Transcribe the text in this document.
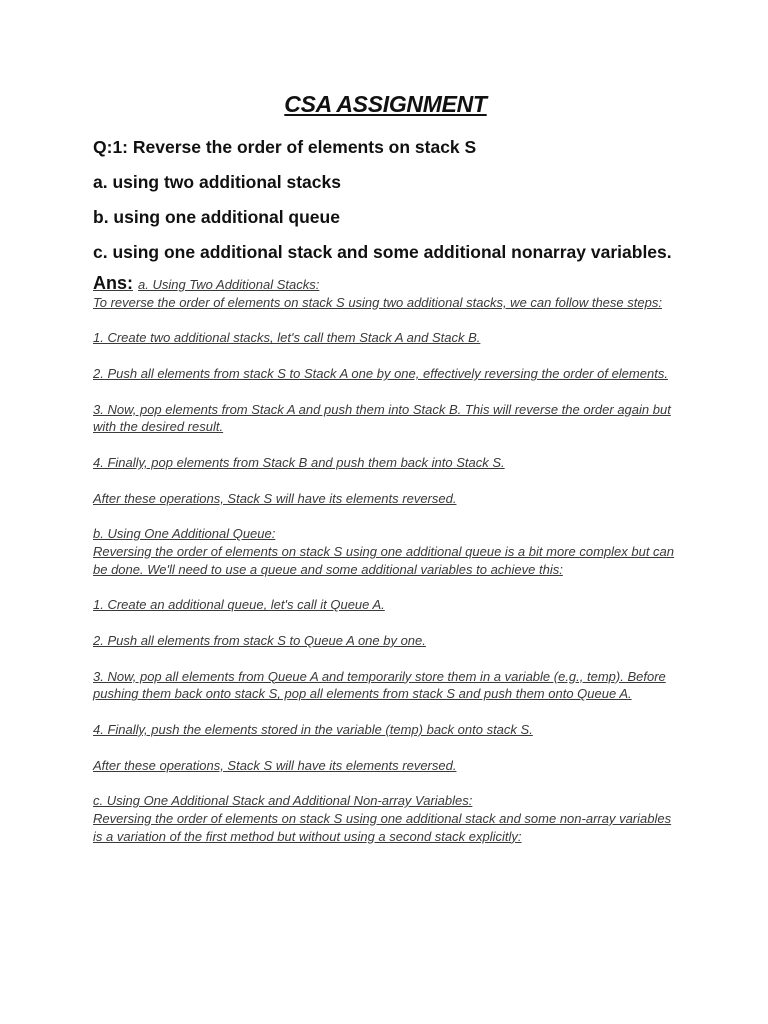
CSA ASSIGNMENT
Q:1: Reverse the order of elements on stack S
a. using two additional stacks
b. using one additional queue
c. using one additional stack and some additional nonarray variables.
Ans: a. Using Two Additional Stacks:

To reverse the order of elements on stack S using two additional stacks, we can follow these steps:

1. Create two additional stacks, let's call them Stack A and Stack B.

2. Push all elements from stack S to Stack A one by one, effectively reversing the order of elements.

3. Now, pop elements from Stack A and push them into Stack B. This will reverse the order again but with the desired result.

4. Finally, pop elements from Stack B and push them back into Stack S.

After these operations, Stack S will have its elements reversed.

b. Using One Additional Queue:

Reversing the order of elements on stack S using one additional queue is a bit more complex but can be done. We'll need to use a queue and some additional variables to achieve this:

1. Create an additional queue, let's call it Queue A.

2. Push all elements from stack S to Queue A one by one.

3. Now, pop all elements from Queue A and temporarily store them in a variable (e.g., temp). Before pushing them back onto stack S, pop all elements from stack S and push them onto Queue A.

4. Finally, push the elements stored in the variable (temp) back onto stack S.

After these operations, Stack S will have its elements reversed.

c. Using One Additional Stack and Additional Non-array Variables:

Reversing the order of elements on stack S using one additional stack and some non-array variables is a variation of the first method but without using a second stack explicitly:
